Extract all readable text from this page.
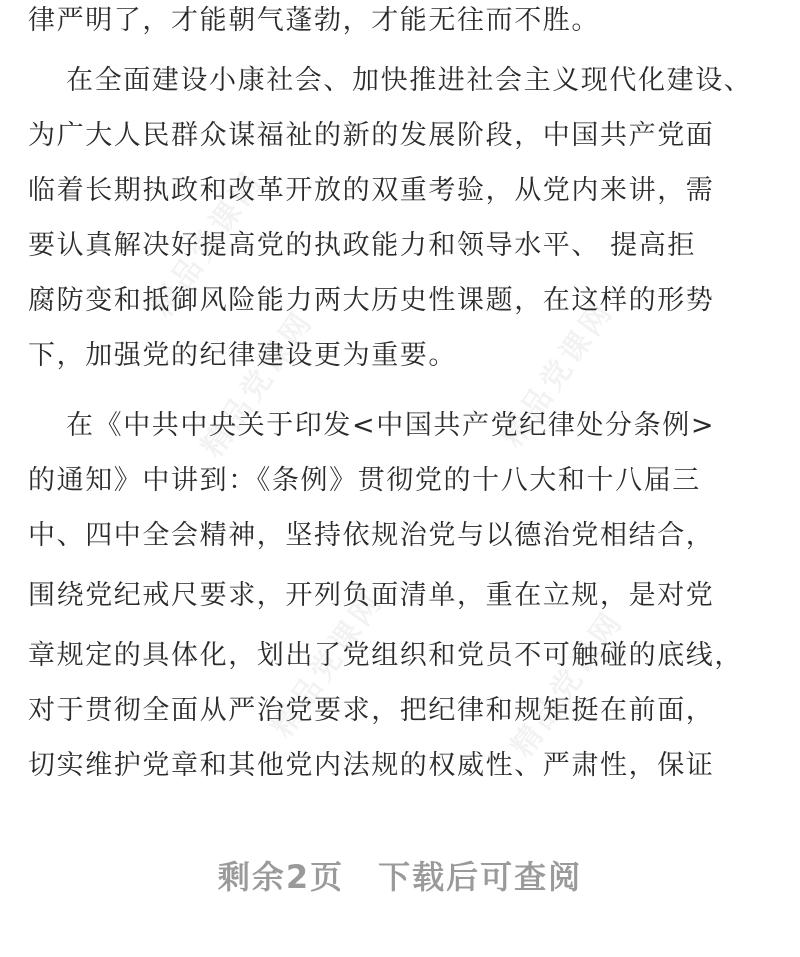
精品党课网
精品党课网	精品党课网
精品党课网	精品党课网
律严明了，才能朝气蓬勃，才能无往而不胜。
在全面建设小康社会、加快推进社会主义现代化建设、
为广大人民群众谋福祉的新的发展阶段，中国共产党面
临着长期执政和改革开放的双重考验，从党内来讲，需
要认真解决好提高党的执政能力和领导水平、 提高拒
腐防变和抵御风险能力两大历史性课题，在这样的形势
下，加强党的纪律建设更为重要。
在《中共中央关于印发<中国共产党纪律处分条例>
的通知》中讲到：《条例》贯彻党的十八大和十八届三
中、四中全会精神，坚持依规治党与以德治党相结合，
围绕党纪戒尺要求，开列负面清单，重在立规，是对党
章规定的具体化，划出了党组织和党员不可触碰的底线，
对于贯彻全面从严治党要求，把纪律和规矩挺在前面，
切实维护党章和其他党内法规的权威性、严肃性，保证
剩余2页　下载后可查阅
